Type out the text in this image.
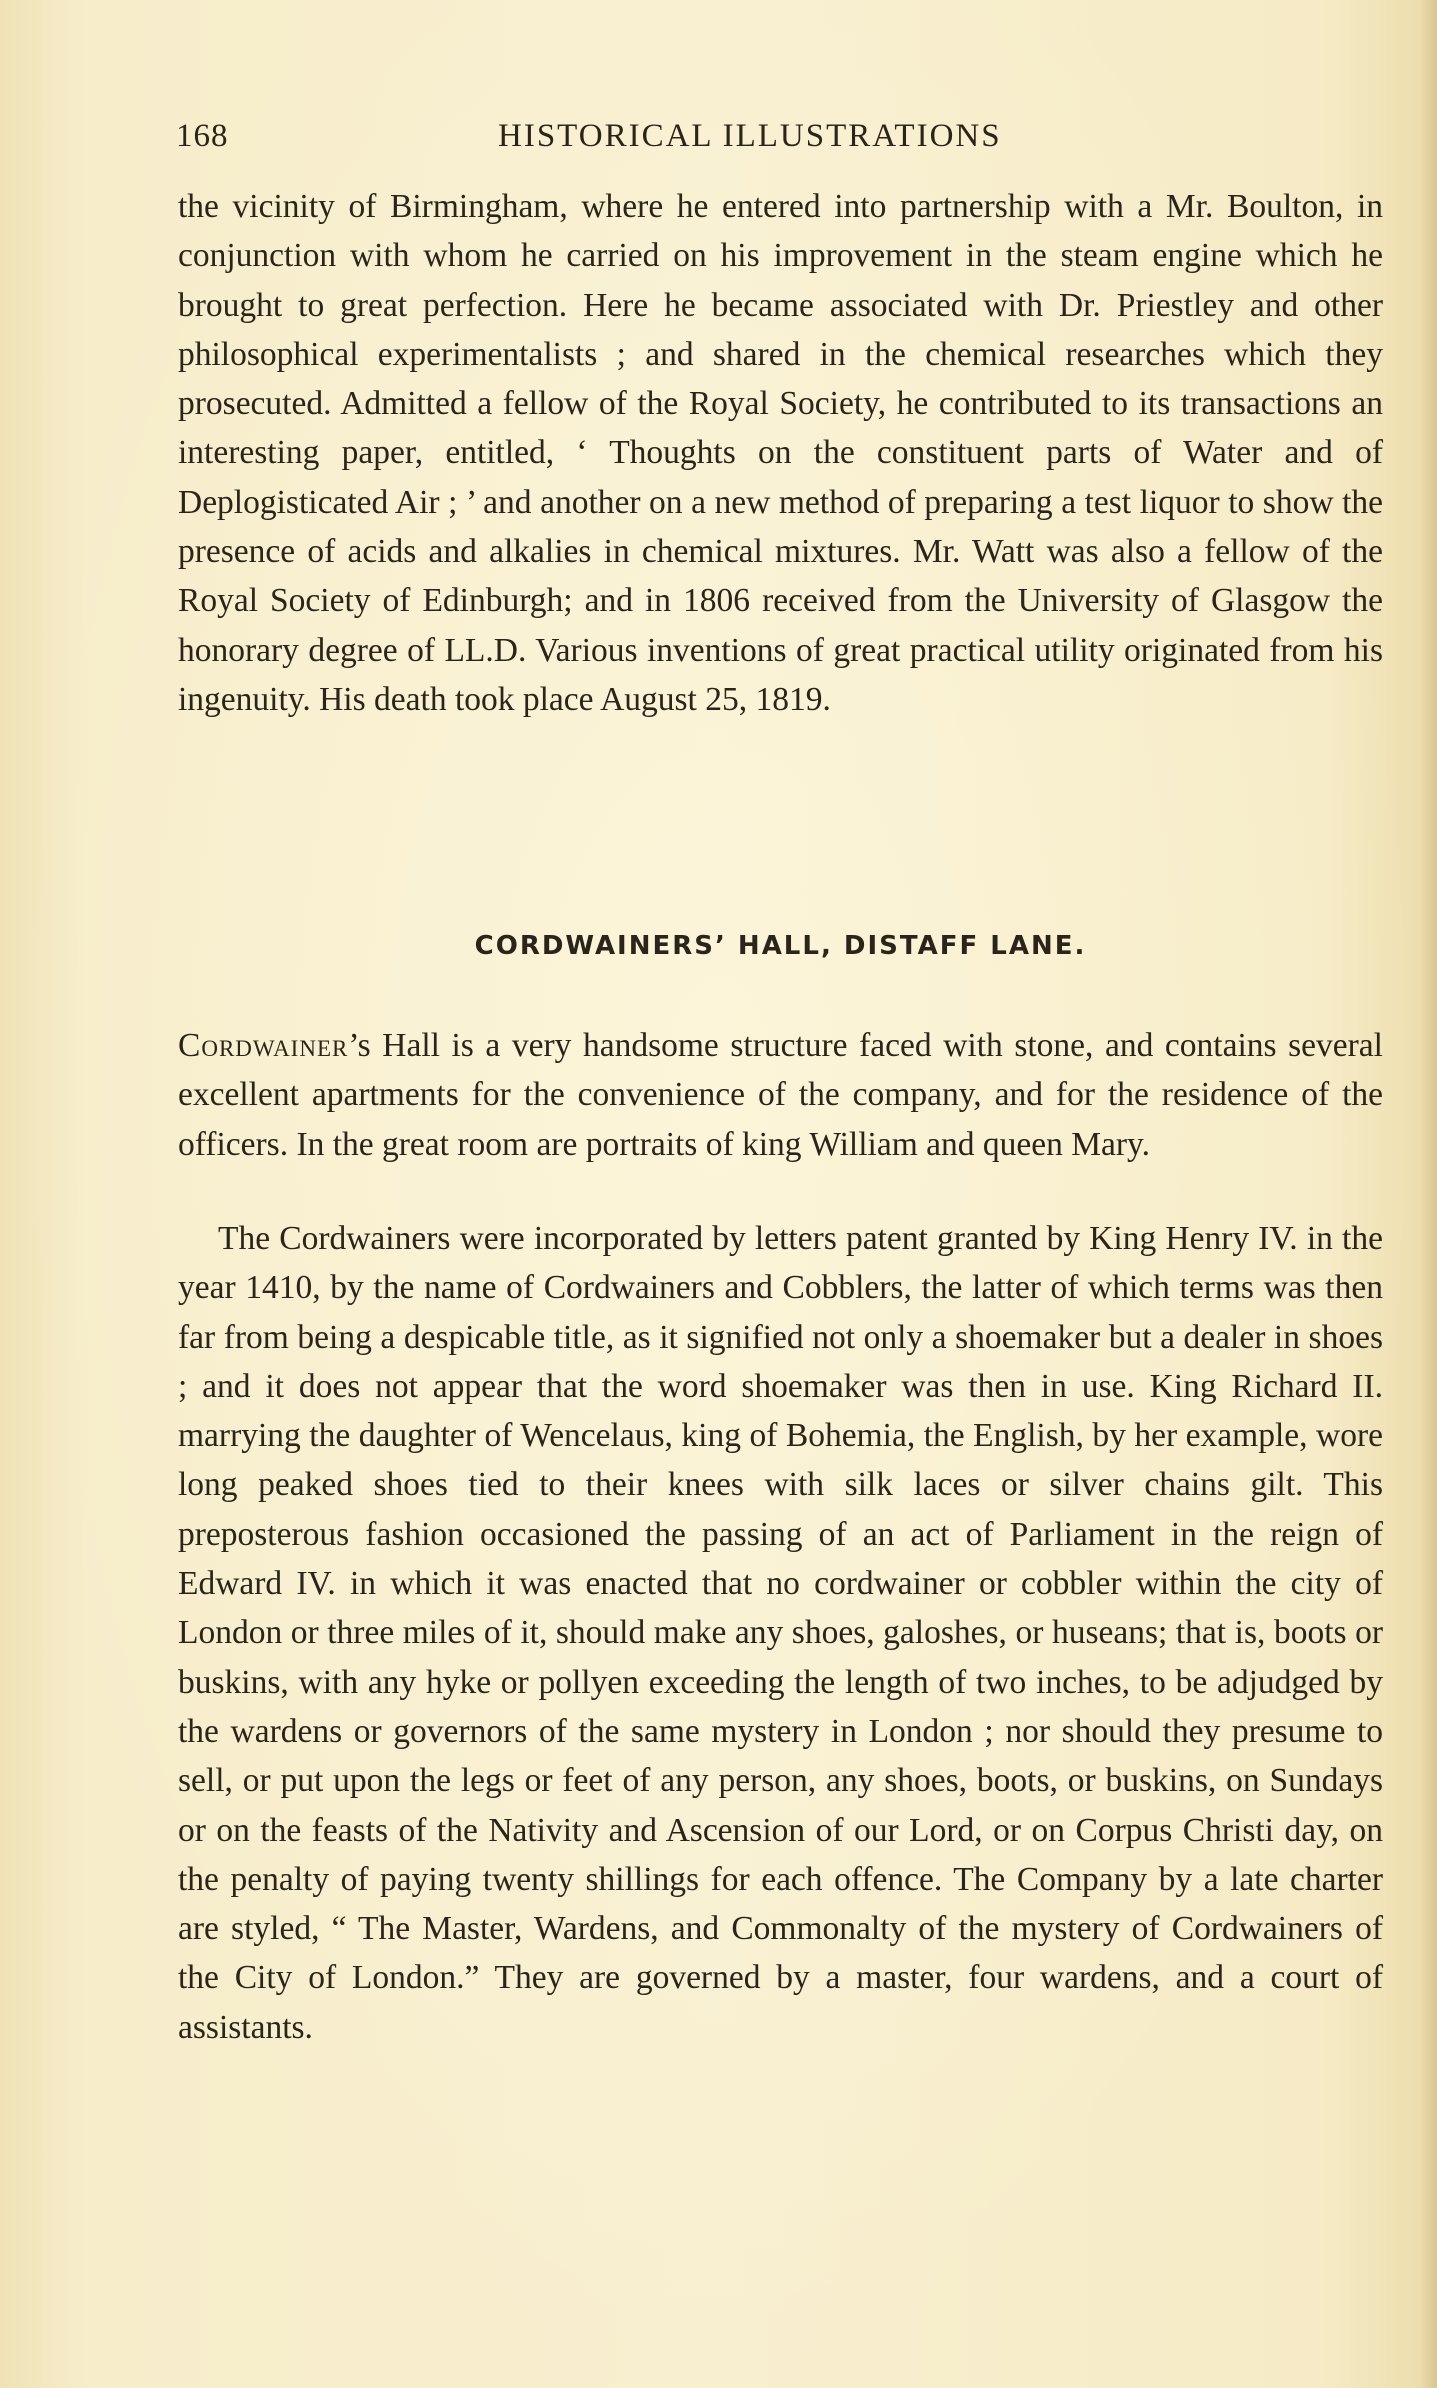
168	HISTORICAL ILLUSTRATIONS

the vicinity of Birmingham, where he entered into partnership with a Mr. Boulton, in conjunction with whom he carried on his improvement in the steam engine which he brought to great perfection. Here he became associated with Dr. Priestley and other philosophical experimentalists ; and shared in the chemical researches which they prosecuted. Admitted a fellow of the Royal Society, he contributed to its transactions an interesting paper, entitled, ‘ Thoughts on the constituent parts of Water and of Deplogisticated Air ; ’ and another on a new method of preparing a test liquor to show the presence of acids and alkalies in chemical mixtures. Mr. Watt was also a fellow of the Royal Society of Edinburgh; and in 1806 received from the University of Glasgow the honorary degree of LL.D. Various inventions of great practical utility originated from his ingenuity. His death took place August 25, 1819.

CORDWAINERS’ HALL, DISTAFF LANE.

Cordwainer’s Hall is a very handsome structure faced with stone, and contains several excellent apartments for the convenience of the company, and for the residence of the officers. In the great room are portraits of king William and queen Mary.

The Cordwainers were incorporated by letters patent granted by King Henry IV. in the year 1410, by the name of Cordwainers and Cobblers, the latter of which terms was then far from being a despicable title, as it signified not only a shoemaker but a dealer in shoes ; and it does not appear that the word shoemaker was then in use. King Richard II. marrying the daughter of Wencelaus, king of Bohemia, the English, by her example, wore long peaked shoes tied to their knees with silk laces or silver chains gilt. This preposterous fashion occasioned the passing of an act of Parliament in the reign of Edward IV. in which it was enacted that no cordwainer or cobbler within the city of London or three miles of it, should make any shoes, galoshes, or huseans; that is, boots or buskins, with any hyke or pollyen exceeding the length of two inches, to be adjudged by the wardens or governors of the same mystery in London ; nor should they presume to sell, or put upon the legs or feet of any person, any shoes, boots, or buskins, on Sundays or on the feasts of the Nativity and Ascension of our Lord, or on Corpus Christi day, on the penalty of paying twenty shillings for each offence. The Company by a late charter are styled, “ The Master, Wardens, and Commonalty of the mystery of Cordwainers of the City of London.” They are governed by a master, four wardens, and a court of assistants.
